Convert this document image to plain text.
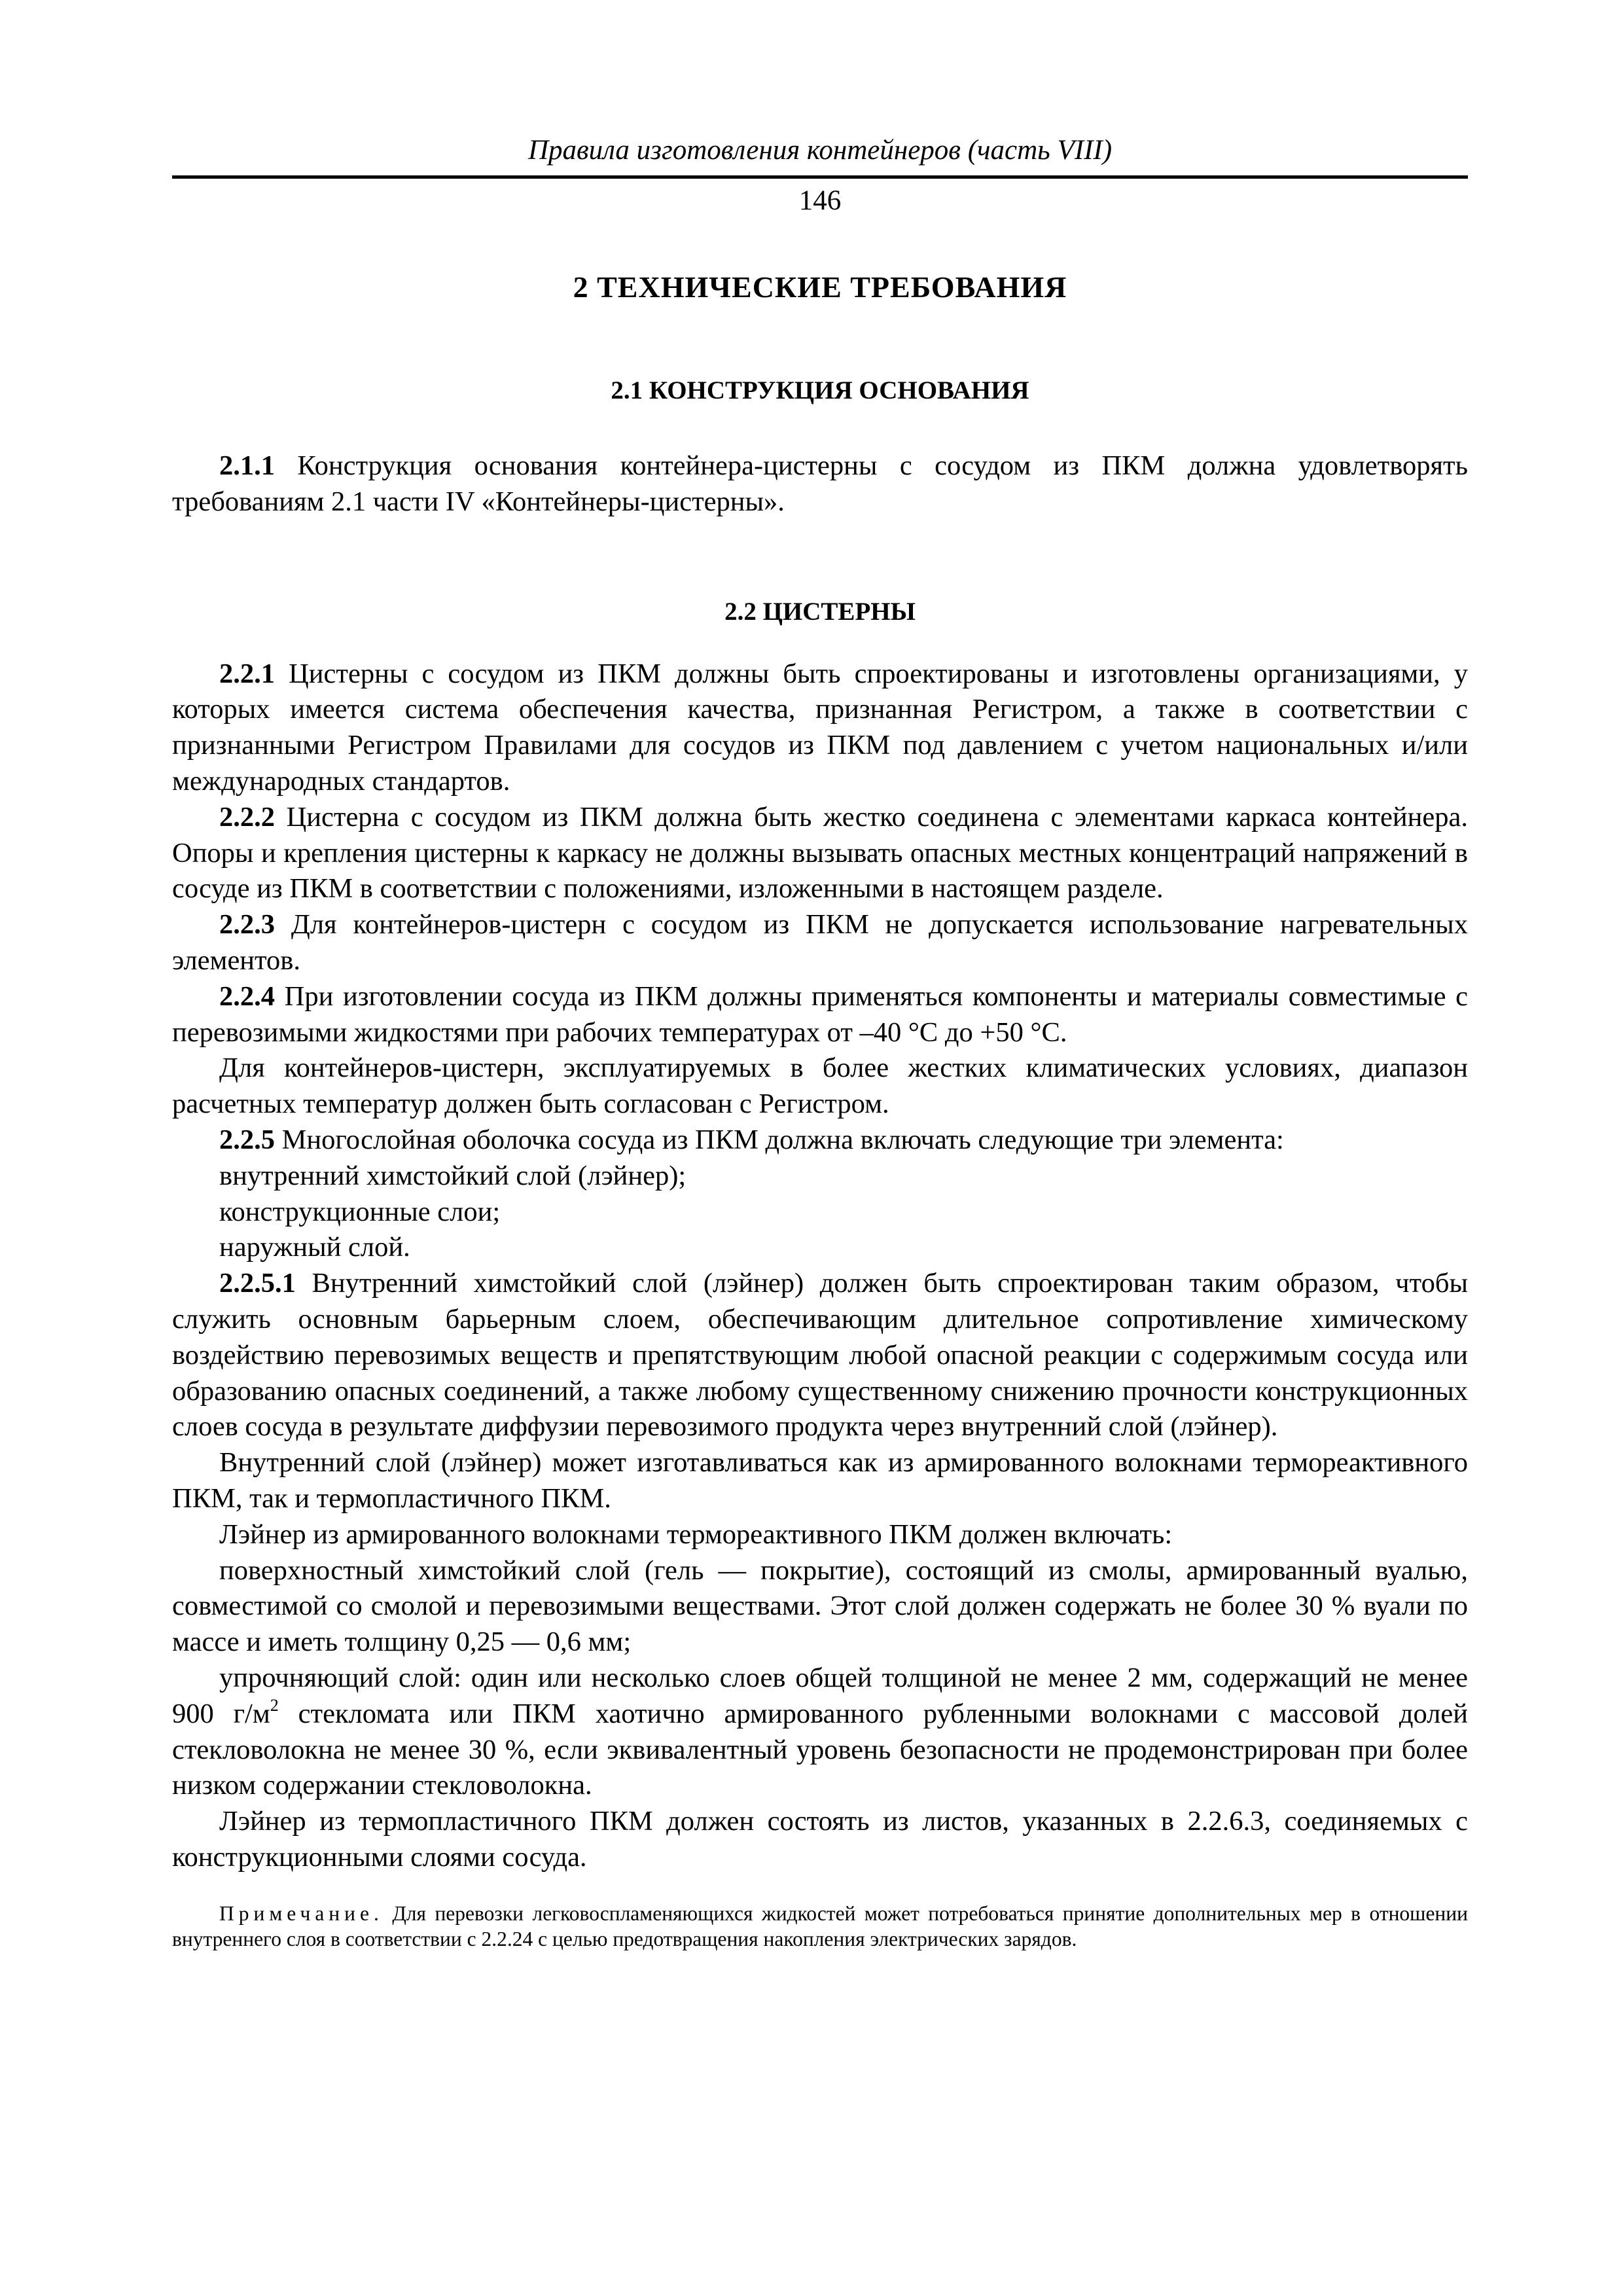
Правила изготовления контейнеров (часть VIII)
146
2 ТЕХНИЧЕСКИЕ ТРЕБОВАНИЯ
2.1 КОНСТРУКЦИЯ ОСНОВАНИЯ

2.1.1 Конструкция основания контейнера-цистерны с сосудом из ПКМ должна удовлетворять требованиям 2.1 части IV «Контейнеры-цистерны».

2.2 ЦИСТЕРНЫ

2.2.1 Цистерны с сосудом из ПКМ должны быть спроектированы и изготовлены организациями, у которых имеется система обеспечения качества, признанная Регистром, а также в соответствии с признанными Регистром Правилами для сосудов из ПКМ под давлением с учетом национальных и/или международных стандартов.

2.2.2 Цистерна с сосудом из ПКМ должна быть жестко соединена с элементами каркаса контейнера. Опоры и крепления цистерны к каркасу не должны вызывать опасных местных концентраций напряжений в сосуде из ПКМ в соответствии с положениями, изложенными в настоящем разделе.

2.2.3 Для контейнеров-цистерн с сосудом из ПКМ не допускается использование нагревательных элементов.

2.2.4 При изготовлении сосуда из ПКМ должны применяться компоненты и материалы совместимые с перевозимыми жидкостями при рабочих температурах от –40 °С до +50 °С.

Для контейнеров-цистерн, эксплуатируемых в более жестких климатических условиях, диапазон расчетных температур должен быть согласован с Регистром.

2.2.5 Многослойная оболочка сосуда из ПКМ должна включать следующие три элемента:

внутренний химстойкий слой (лэйнер);

конструкционные слои;

наружный слой.

2.2.5.1 Внутренний химстойкий слой (лэйнер) должен быть спроектирован таким образом, чтобы служить основным барьерным слоем, обеспечивающим длительное сопротивление химическому воздействию перевозимых веществ и препятствующим любой опасной реакции с содержимым сосуда или образованию опасных соединений, а также любому существенному снижению прочности конструкционных слоев сосуда в результате диффузии перевозимого продукта через внутренний слой (лэйнер).

Внутренний слой (лэйнер) может изготавливаться как из армированного волокнами термореактивного ПКМ, так и термопластичного ПКМ.

Лэйнер из армированного волокнами термореактивного ПКМ должен включать:

поверхностный химстойкий слой (гель — покрытие), состоящий из смолы, армированный вуалью, совместимой со смолой и перевозимыми веществами. Этот слой должен содержать не более 30 % вуали по массе и иметь толщину 0,25 — 0,6 мм;

упрочняющий слой: один или несколько слоев общей толщиной не менее 2 мм, содержащий не менее 900 $г/м^2$ стекломата или ПКМ хаотично армированного рубленными волокнами с массовой долей стекловолокна не менее 30 %, если эквивалентный уровень безопасности не продемонстрирован при более низком содержании стекловолокна.

Лэйнер из термопластичного ПКМ должен состоять из листов, указанных в 2.2.6.3, соединяемых с конструкционными слоями сосуда.

Примечание. Для перевозки легковоспламеняющихся жидкостей может потребоваться принятие дополнительных мер в отношении внутреннего слоя в соответствии с 2.2.24 с целью предотвращения накопления электрических зарядов.
